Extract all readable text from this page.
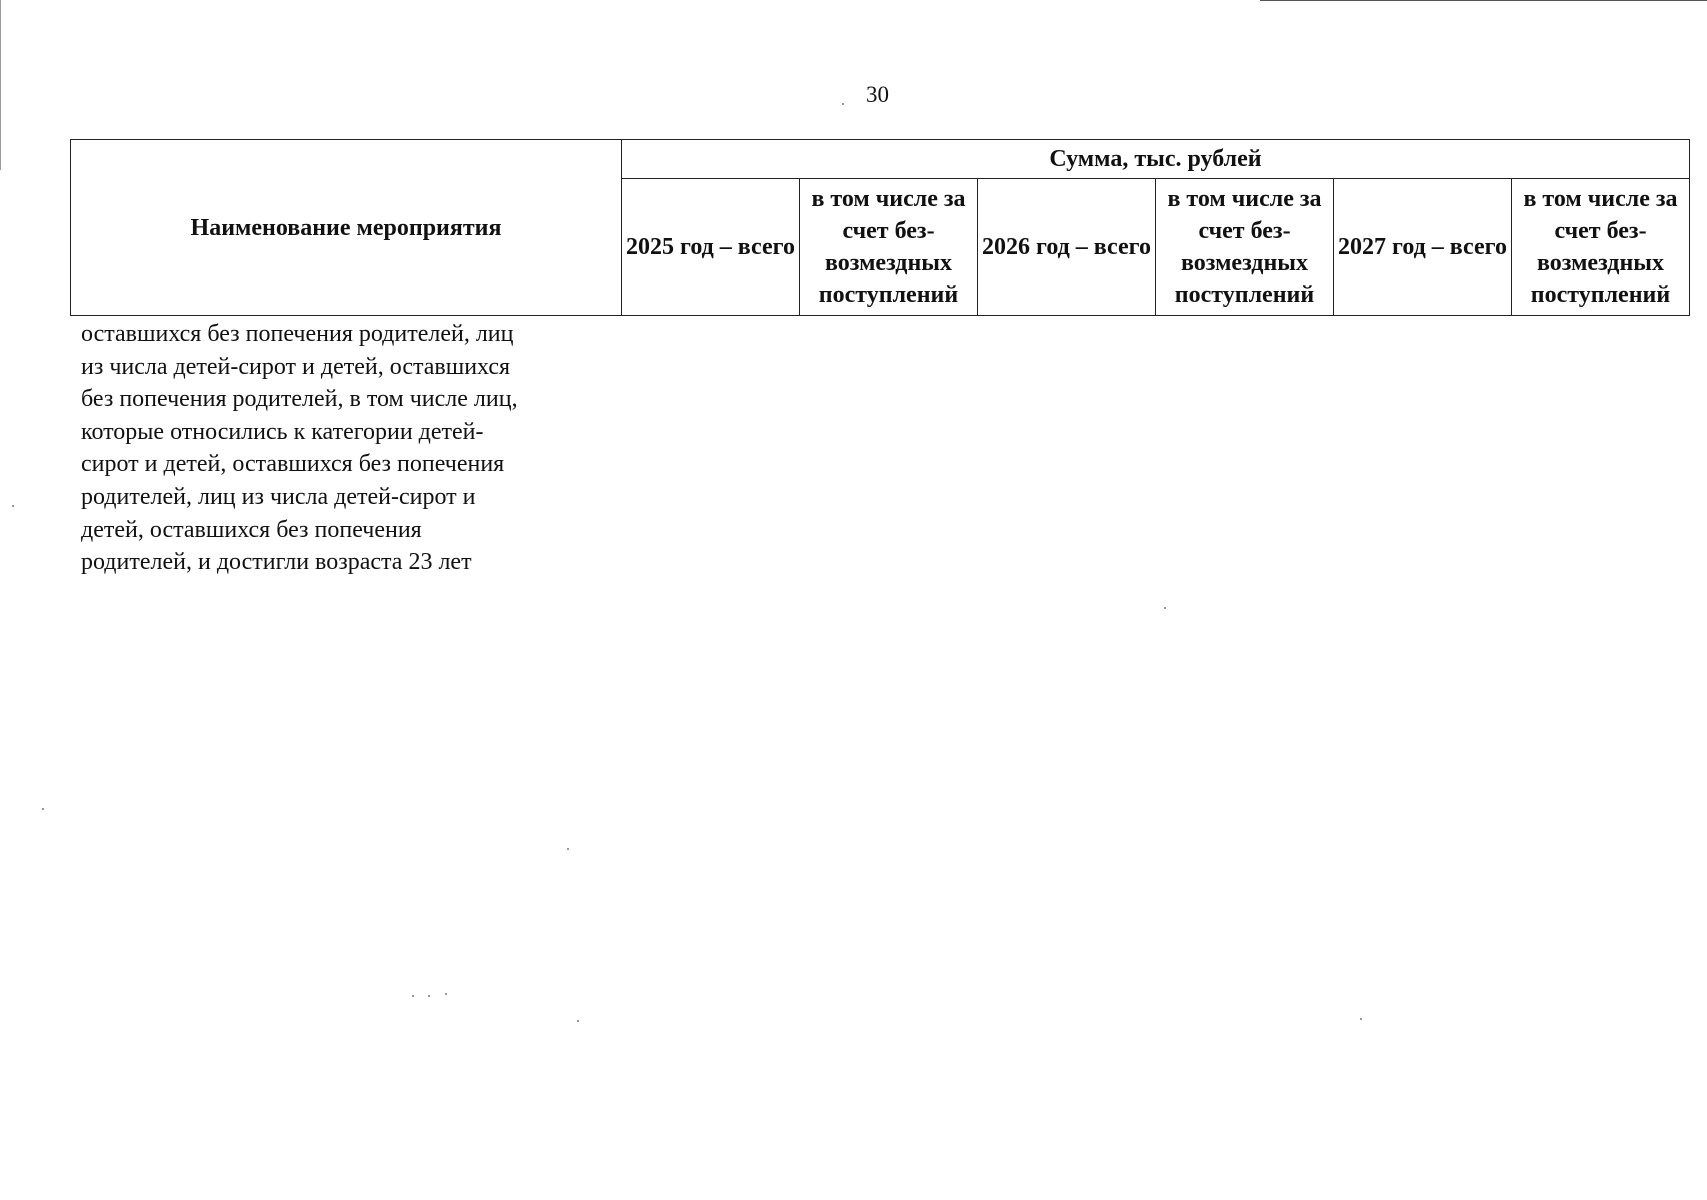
30
Наименование мероприятия	Сумма, тыс. рублей					
	2025 год – всего	в том числе за счет без-возмездных поступлений	2026 год – всего	в том числе за счет без-возмездных поступлений	2027 год – всего	в том числе за счет без-возмездных поступлений
оставшихся без попечения родителей, лиц
из числа детей-сирот и детей, оставшихся
без попечения родителей, в том числе лиц,
которые относились к категории детей-
сирот и детей, оставшихся без попечения
родителей, лиц из числа детей-сирот и
детей, оставшихся без попечения
родителей, и достигли возраста 23 лет
